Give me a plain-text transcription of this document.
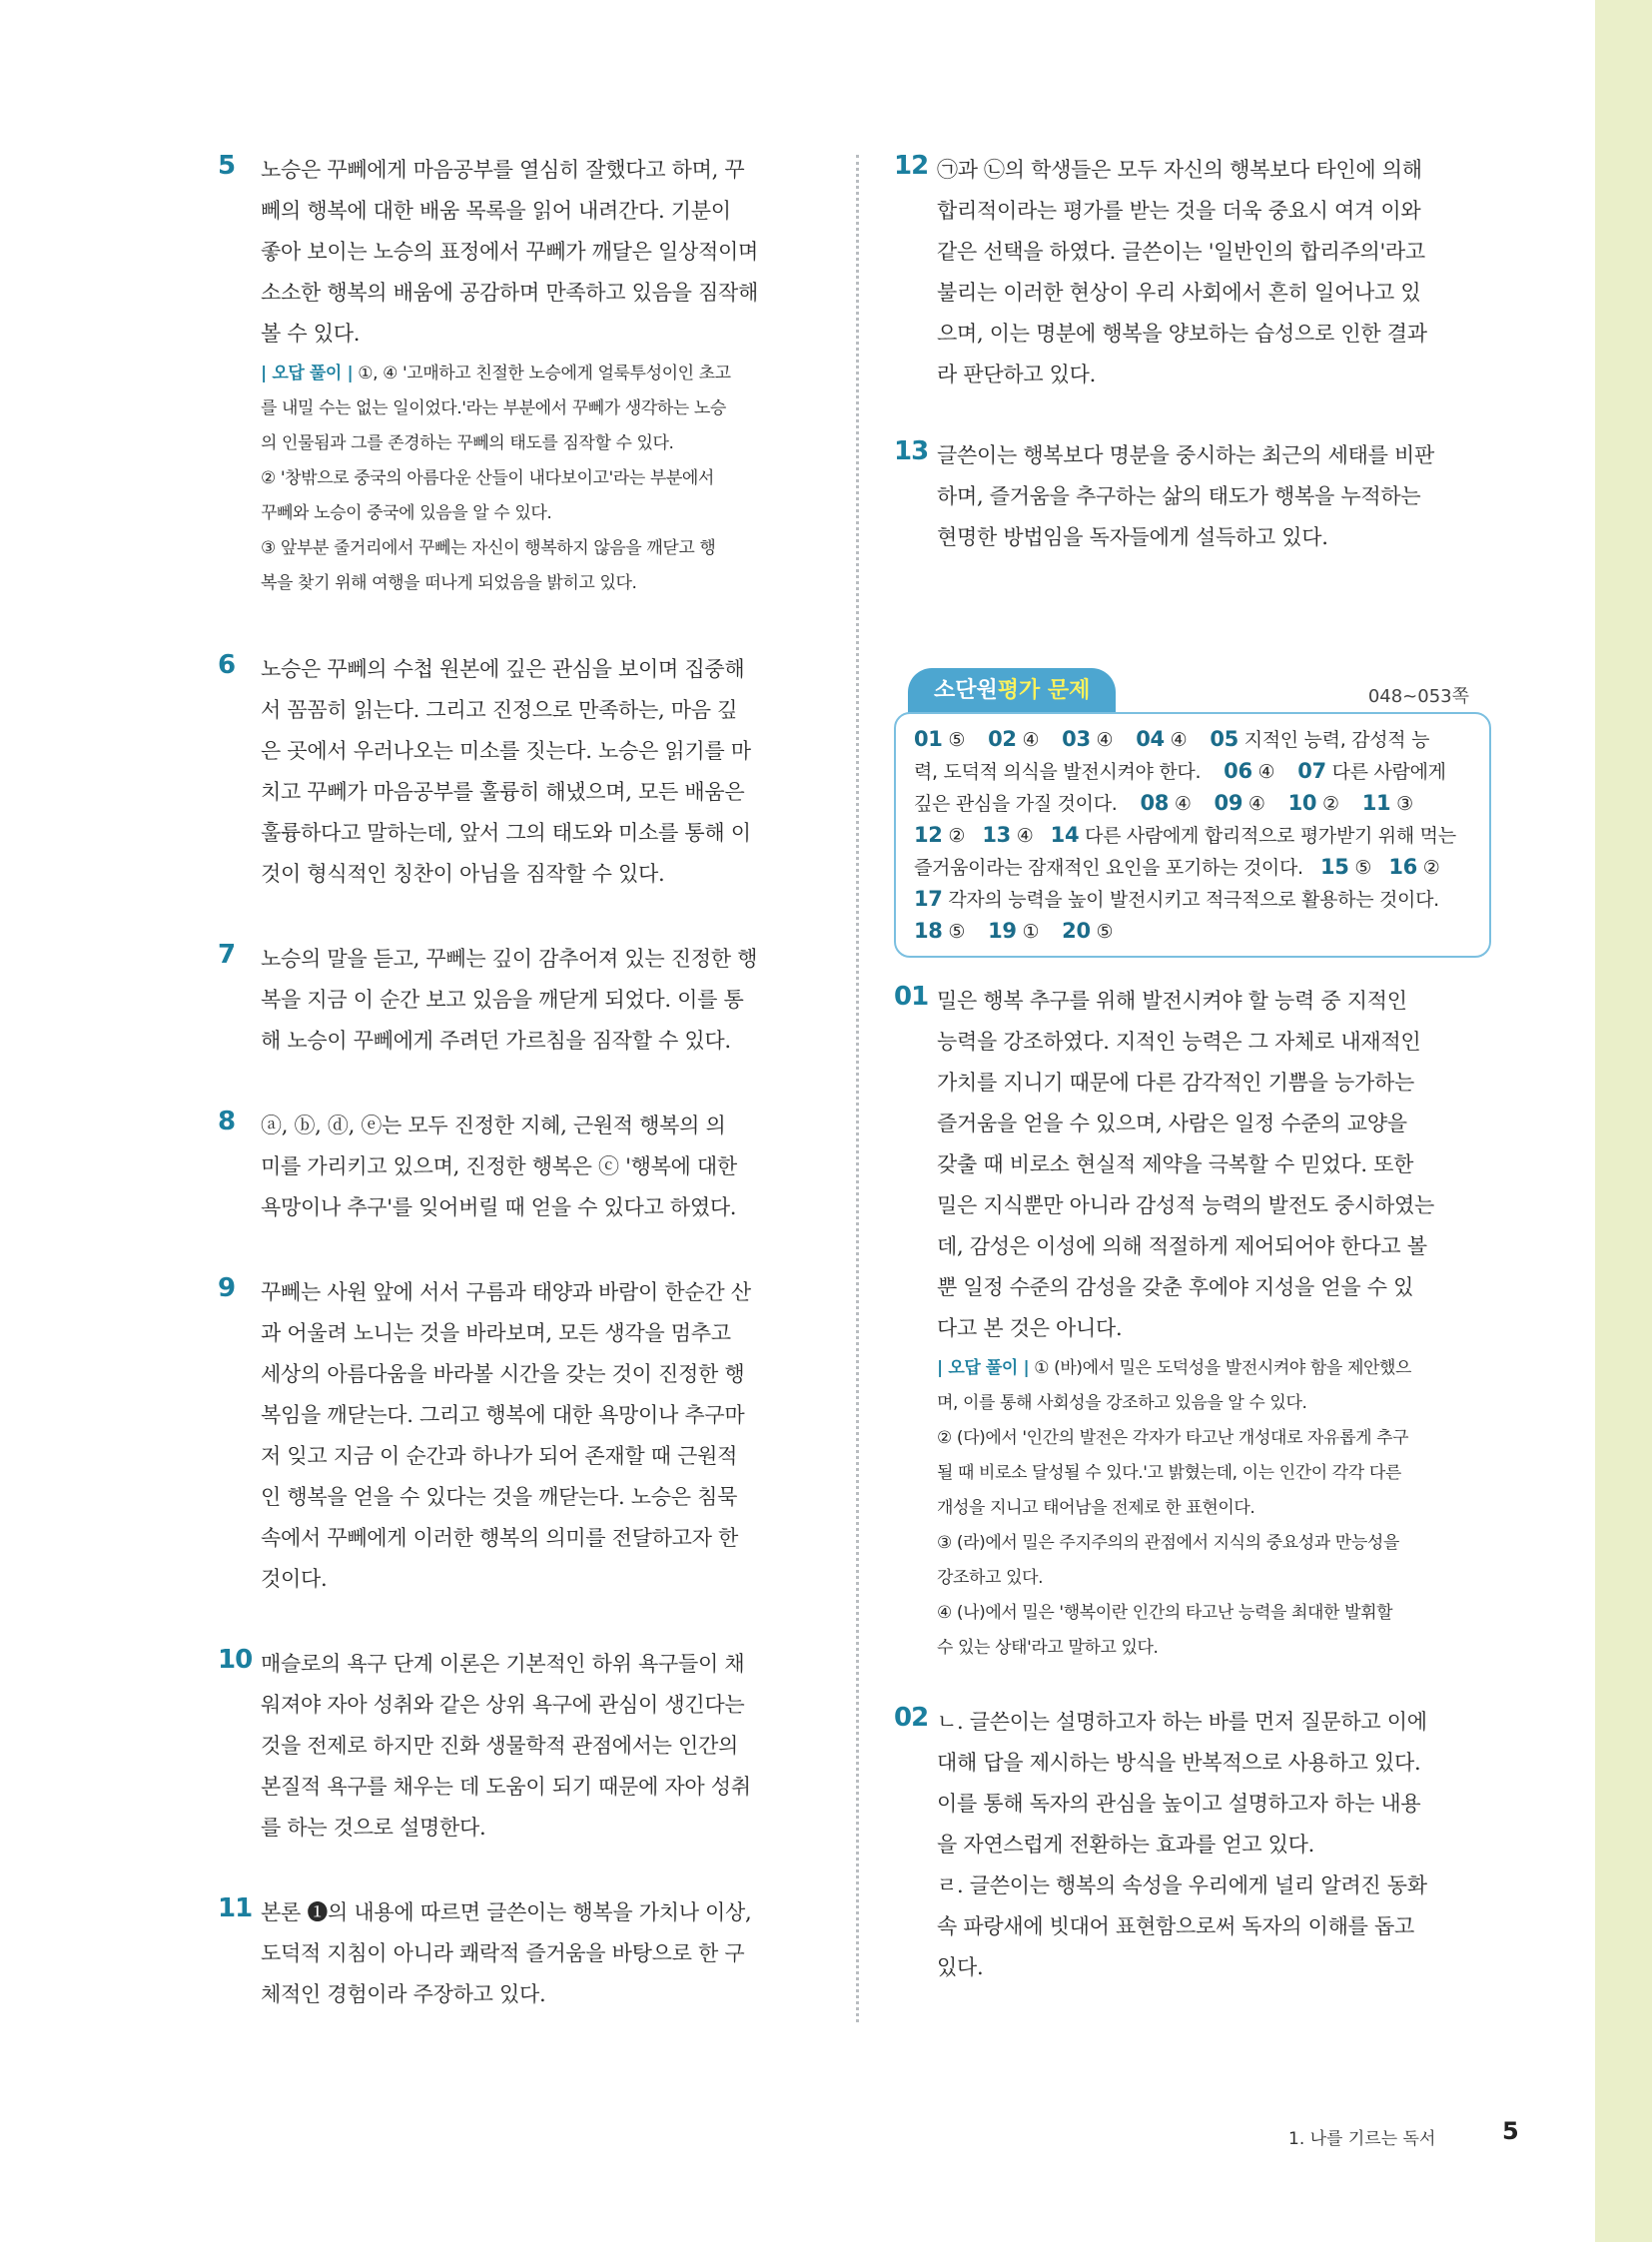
5 노승은 꾸뻬에게 마음공부를 열심히 잘했다고 하며, 꾸
뻬의 행복에 대한 배움 목록을 읽어 내려간다. 기분이
좋아 보이는 노승의 표정에서 꾸뻬가 깨달은 일상적이며
소소한 행복의 배움에 공감하며 만족하고 있음을 짐작해
볼 수 있다.
| 오답 풀이 | ①, ④ '고매하고 친절한 노승에게 얼룩투성이인 초고
를 내밀 수는 없는 일이었다.'라는 부분에서 꾸뻬가 생각하는 노승
의 인물됨과 그를 존경하는 꾸뻬의 태도를 짐작할 수 있다.
② '창밖으로 중국의 아름다운 산들이 내다보이고'라는 부분에서
꾸뻬와 노승이 중국에 있음을 알 수 있다.
③ 앞부분 줄거리에서 꾸뻬는 자신이 행복하지 않음을 깨닫고 행
복을 찾기 위해 여행을 떠나게 되었음을 밝히고 있다.
6 노승은 꾸뻬의 수첩 원본에 깊은 관심을 보이며 집중해
서 꼼꼼히 읽는다. 그리고 진정으로 만족하는, 마음 깊
은 곳에서 우러나오는 미소를 짓는다. 노승은 읽기를 마
치고 꾸뻬가 마음공부를 훌륭히 해냈으며, 모든 배움은
훌륭하다고 말하는데, 앞서 그의 태도와 미소를 통해 이
것이 형식적인 칭찬이 아님을 짐작할 수 있다.
7 노승의 말을 듣고, 꾸뻬는 깊이 감추어져 있는 진정한 행
복을 지금 이 순간 보고 있음을 깨닫게 되었다. 이를 통
해 노승이 꾸뻬에게 주려던 가르침을 짐작할 수 있다.
8 ⓐ, ⓑ, ⓓ, ⓔ는 모두 진정한 지혜, 근원적 행복의 의
미를 가리키고 있으며, 진정한 행복은 ⓒ '행복에 대한
욕망이나 추구'를 잊어버릴 때 얻을 수 있다고 하였다.
9 꾸뻬는 사원 앞에 서서 구름과 태양과 바람이 한순간 산
과 어울려 노니는 것을 바라보며, 모든 생각을 멈추고
세상의 아름다움을 바라볼 시간을 갖는 것이 진정한 행
복임을 깨닫는다. 그리고 행복에 대한 욕망이나 추구마
저 잊고 지금 이 순간과 하나가 되어 존재할 때 근원적
인 행복을 얻을 수 있다는 것을 깨닫는다. 노승은 침묵
속에서 꾸뻬에게 이러한 행복의 의미를 전달하고자 한
것이다.
10 매슬로의 욕구 단계 이론은 기본적인 하위 욕구들이 채
워져야 자아 성취와 같은 상위 욕구에 관심이 생긴다는
것을 전제로 하지만 진화 생물학적 관점에서는 인간의
본질적 욕구를 채우는 데 도움이 되기 때문에 자아 성취
를 하는 것으로 설명한다.
11 본론 ❶의 내용에 따르면 글쓴이는 행복을 가치나 이상,
도덕적 지침이 아니라 쾌락적 즐거움을 바탕으로 한 구
체적인 경험이라 주장하고 있다.
12 ㉠과 ㉡의 학생들은 모두 자신의 행복보다 타인에 의해
합리적이라는 평가를 받는 것을 더욱 중요시 여겨 이와
같은 선택을 하였다. 글쓴이는 '일반인의 합리주의'라고
불리는 이러한 현상이 우리 사회에서 흔히 일어나고 있
으며, 이는 명분에 행복을 양보하는 습성으로 인한 결과
라 판단하고 있다.
13 글쓴이는 행복보다 명분을 중시하는 최근의 세태를 비판
하며, 즐거움을 추구하는 삶의 태도가 행복을 누적하는
현명한 방법임을 독자들에게 설득하고 있다.
소단원평가 문제	048~053쪽
01 ⑤ 02 ④ 03 ④ 04 ④ 05 지적인 능력, 감성적 능
력, 도덕적 의식을 발전시켜야 한다. 06 ④ 07 다른 사람에게
깊은 관심을 가질 것이다. 08 ④ 09 ④ 10 ② 11 ③
12 ② 13 ④ 14 다른 사람에게 합리적으로 평가받기 위해 먹는
즐거움이라는 잠재적인 요인을 포기하는 것이다. 15 ⑤ 16 ②
17 각자의 능력을 높이 발전시키고 적극적으로 활용하는 것이다.
18 ⑤ 19 ① 20 ⑤
01 밀은 행복 추구를 위해 발전시켜야 할 능력 중 지적인
능력을 강조하였다. 지적인 능력은 그 자체로 내재적인
가치를 지니기 때문에 다른 감각적인 기쁨을 능가하는
즐거움을 얻을 수 있으며, 사람은 일정 수준의 교양을
갖출 때 비로소 현실적 제약을 극복할 수 믿었다. 또한
밀은 지식뿐만 아니라 감성적 능력의 발전도 중시하였는
데, 감성은 이성에 의해 적절하게 제어되어야 한다고 볼
뿐 일정 수준의 감성을 갖춘 후에야 지성을 얻을 수 있
다고 본 것은 아니다.
| 오답 풀이 | ① (바)에서 밀은 도덕성을 발전시켜야 함을 제안했으
며, 이를 통해 사회성을 강조하고 있음을 알 수 있다.
② (다)에서 '인간의 발전은 각자가 타고난 개성대로 자유롭게 추구
될 때 비로소 달성될 수 있다.'고 밝혔는데, 이는 인간이 각각 다른
개성을 지니고 태어남을 전제로 한 표현이다.
③ (라)에서 밀은 주지주의의 관점에서 지식의 중요성과 만능성을
강조하고 있다.
④ (나)에서 밀은 '행복이란 인간의 타고난 능력을 최대한 발휘할
수 있는 상태'라고 말하고 있다.
02 ㄴ. 글쓴이는 설명하고자 하는 바를 먼저 질문하고 이에
대해 답을 제시하는 방식을 반복적으로 사용하고 있다.
이를 통해 독자의 관심을 높이고 설명하고자 하는 내용
을 자연스럽게 전환하는 효과를 얻고 있다.
ㄹ. 글쓴이는 행복의 속성을 우리에게 널리 알려진 동화
속 파랑새에 빗대어 표현함으로써 독자의 이해를 돕고
있다.
1. 나를 기르는 독서	5
